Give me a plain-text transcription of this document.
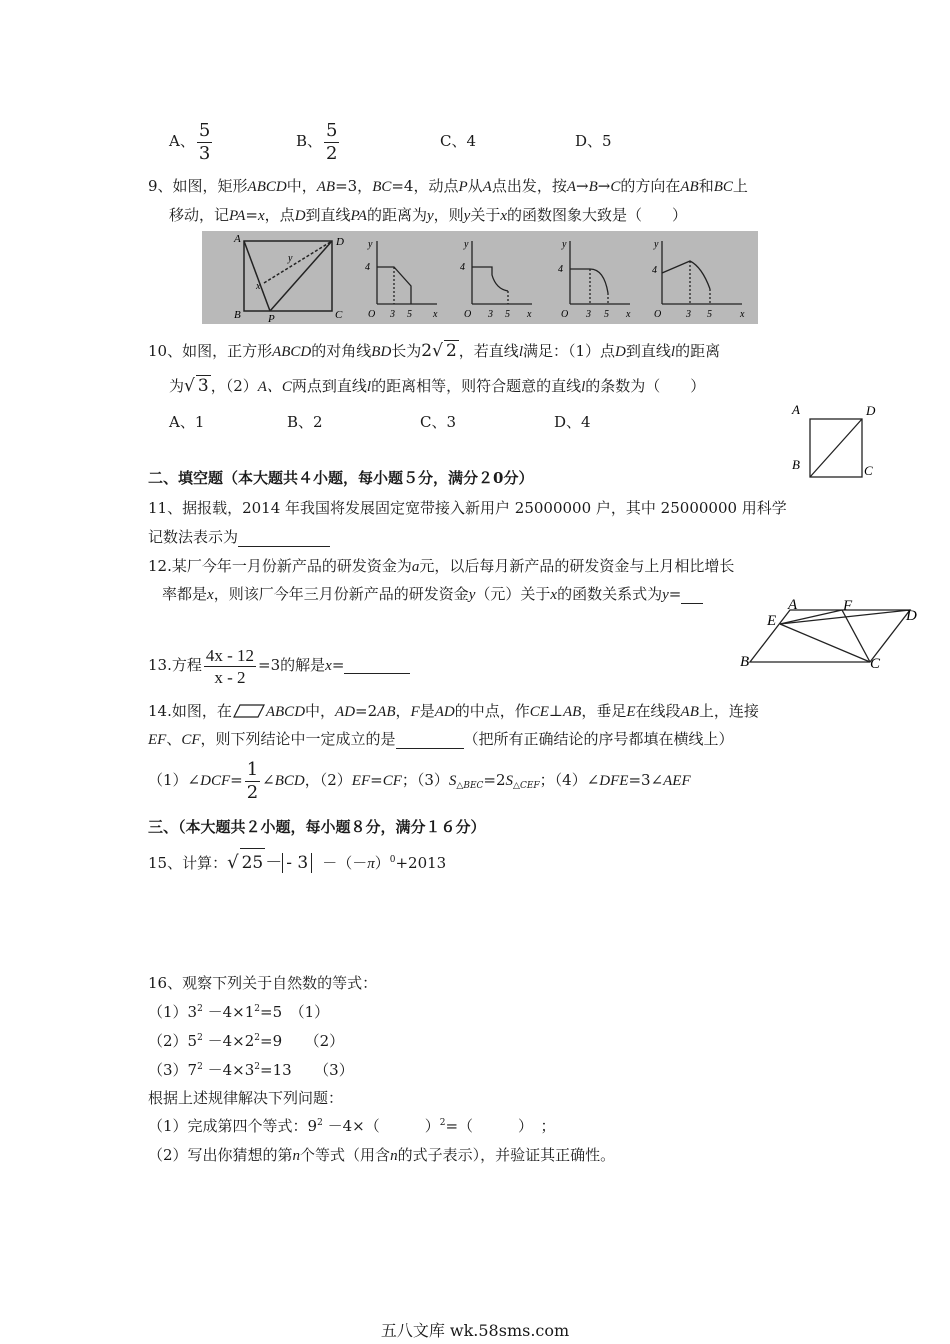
A、 $\frac{5}{3}$	B、 $\frac{5}{2}$	C、4	D、5
9、如图，矩形ABCD中，AB=3，BC=4，动点P从A点出发，按A→B→C的方向在AB和BC上
移动，记PA=x，点D到直线PA的距离为y，则y关于x的函数图象大致是（　　）
A	D
B	C
P
x
y
y
4
O 3 5 x
y
4
O 3 5 x
y
4
O 3 5 x
y
4
O 3 5	x
10、如图，正方形ABCD的对角线BD长为2√ 2 ，若直线l满足：（1）点D到直线l的距离
为√ 3 ，（2）A、C两点到直线l的距离相等，则符合题意的直线l的条数为（　　）
A、1	B、2	C、3	D、4
A	D
B	C
二、填空题（本大题共４小题，每小题５分，满分２0分）
11、据报载，2014 年我国将发展固定宽带接入新用户 25000000 户，其中 25000000 用科学
记数法表示为
12.某厂今年一月份新产品的研发资金为a元，以后每月新产品的研发资金与上月相比增长
率都是x，则该厂今年三月份新产品的研发资金y（元）关于x的函数关系式为y=
A	F
D
E
B	C
13.方程 $\frac{4x - 12}{x - 2} =3$的解是x=
14.如图，在 ABCD中，AD=2AB，F是AD的中点，作CE⊥AB，垂足E在线段AB上，连接
EF、CF，则下列结论中一定成立的是	（把所有正确结论的序号都填在横线上）
（1）∠DCF= $\frac{1}{2}$ ∠BCD，（2）EF=CF；$(3)S_{\triangle BEC}=2S_{\triangle CEF}$；（4）∠DFE=3∠AEF
三、（本大题共２小题，每小题８分，满分１６分）
15、计算：√ 25 － - $3 -(-\pi)^0+2013$
16、观察下列关于自然数的等式：
$(1)3^2 -4\times 1^2=5$　（1）
$(2)5^2 -4\times 2^2=9$　　（2）
$(3)7^2 -4\times 3^2=13$　　（3）
根据上述规律解决下列问题：
（1）完成第四个等式：$9^2 -4\times$（　　　）$^2$=（　　　）　；
（2）写出你猜想的第n个等式（用含n的式子表示），并验证其正确性。
五八文库 wk.58sms.com
